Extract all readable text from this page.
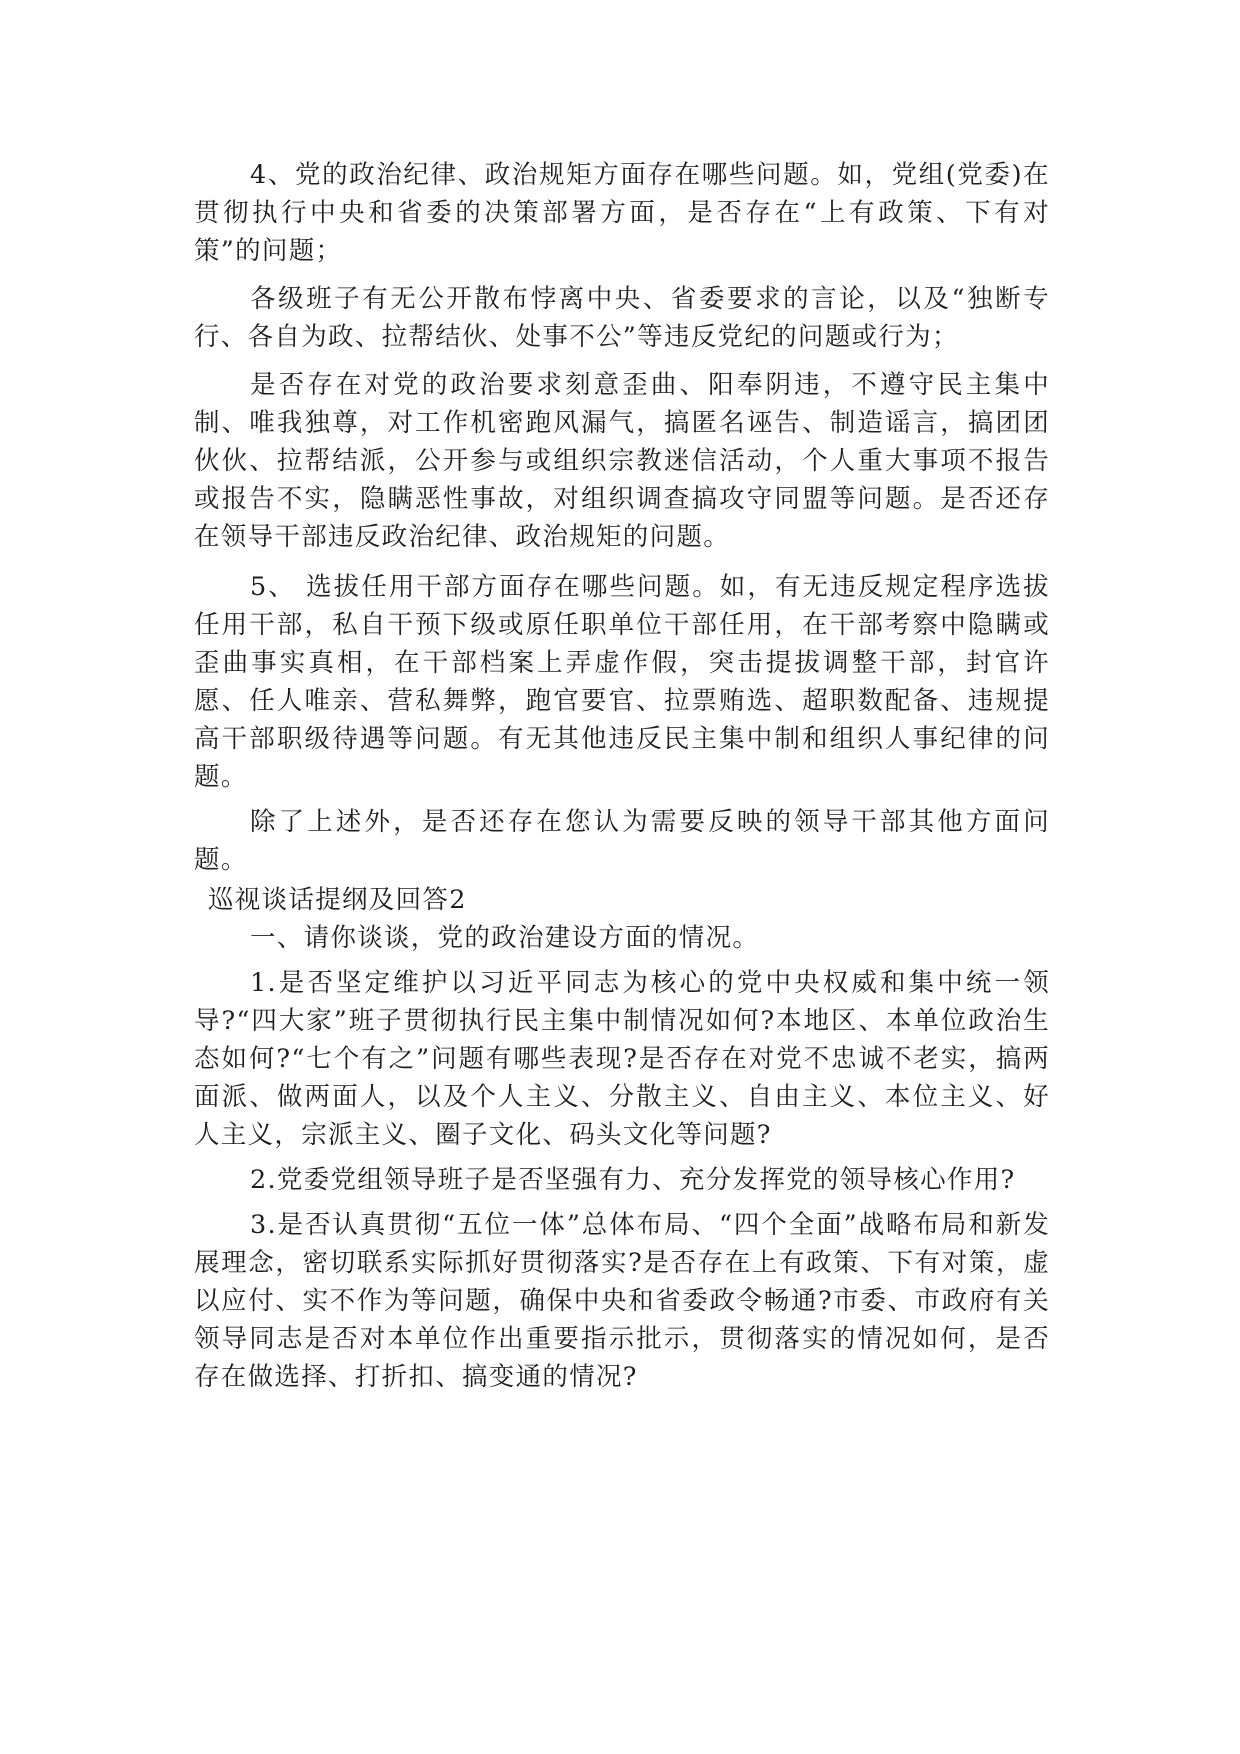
4、党的政治纪律、政治规矩方面存在哪些问题。如，党组(党委)在贯彻执行中央和省委的决策部署方面，是否存在“上有政策、下有对策”的问题；

各级班子有无公开散布悖离中央、省委要求的言论，以及“独断专行、各自为政、拉帮结伙、处事不公”等违反党纪的问题或行为；

是否存在对党的政治要求刻意歪曲、阳奉阴违，不遵守民主集中制、唯我独尊，对工作机密跑风漏气，搞匿名诬告、制造谣言，搞团团伙伙、拉帮结派，公开参与或组织宗教迷信活动，个人重大事项不报告或报告不实，隐瞒恶性事故，对组织调查搞攻守同盟等问题。是否还存在领导干部违反政治纪律、政治规矩的问题。

5、 选拔任用干部方面存在哪些问题。如，有无违反规定程序选拔任用干部，私自干预下级或原任职单位干部任用，在干部考察中隐瞒或歪曲事实真相，在干部档案上弄虚作假，突击提拔调整干部，封官许愿、任人唯亲、营私舞弊，跑官要官、拉票贿选、超职数配备、违规提高干部职级待遇等问题。有无其他违反民主集中制和组织人事纪律的问题。

除了上述外，是否还存在您认为需要反映的领导干部其他方面问题。

巡视谈话提纲及回答2

一、请你谈谈，党的政治建设方面的情况。

1.是否坚定维护以习近平同志为核心的党中央权威和集中统一领导?“四大家”班子贯彻执行民主集中制情况如何?本地区、本单位政治生态如何?“七个有之”问题有哪些表现?是否存在对党不忠诚不老实，搞两面派、做两面人，以及个人主义、分散主义、自由主义、本位主义、好人主义，宗派主义、圈子文化、码头文化等问题?

2.党委党组领导班子是否坚强有力、充分发挥党的领导核心作用?

3.是否认真贯彻“五位一体”总体布局、“四个全面”战略布局和新发展理念，密切联系实际抓好贯彻落实?是否存在上有政策、下有对策，虚以应付、实不作为等问题，确保中央和省委政令畅通?市委、市政府有关领导同志是否对本单位作出重要指示批示，贯彻落实的情况如何，是否存在做选择、打折扣、搞变通的情况?
